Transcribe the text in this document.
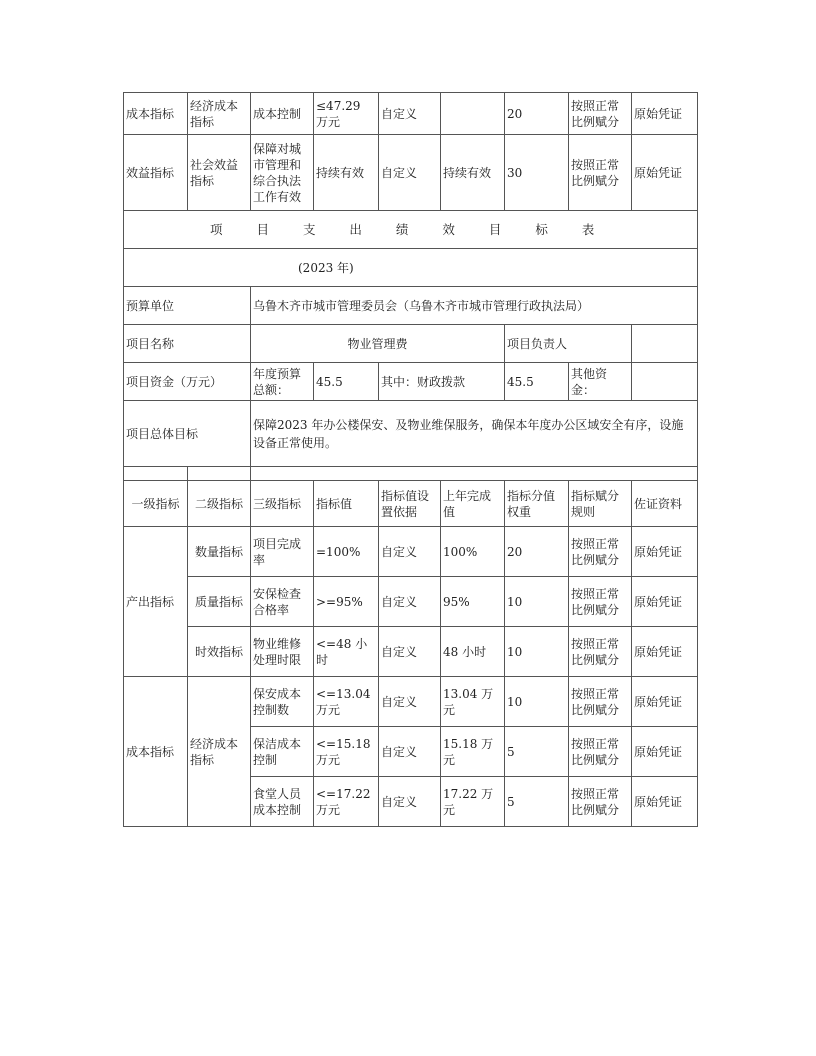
成本指标	经济成本指标	成本控制	≤47.29 万元	自定义		20	按照正常比例赋分	原始凭证
效益指标	社会效益指标	保障对城市管理和综合执法工作有效	持续有效	自定义	持续有效	30	按照正常比例赋分	原始凭证
项 目 支 出 绩 效 目 标 表								
(2023 年)								
预算单位		乌鲁木齐市城市管理委员会（乌鲁木齐市城市管理行政执法局）						
项目名称		物业管理费				项目负责人		
项目资金（万元）		年度预算总额：	45.5	其中：财政拨款		45.5	其他资金：	
项目总体目标		保障2023 年办公楼保安、及物业维保服务，确保本年度办公区域安全有序，设施设备正常使用。						

一级指标	二级指标	三级指标	指标值	指标值设置依据	上年完成值	指标分值权重	指标赋分规则	佐证资料
产出指标	数量指标	项目完成率	=100%	自定义	100%	20	按照正常比例赋分	原始凭证
	质量指标	安保检查合格率	>=95%	自定义	95%	10	按照正常比例赋分	原始凭证
	时效指标	物业维修处理时限	<=48 小时	自定义	48 小时	10	按照正常比例赋分	原始凭证
成本指标	经济成本指标	保安成本控制数	<=13.04 万元	自定义	13.04 万元	10	按照正常比例赋分	原始凭证
		保洁成本控制	<=15.18 万元	自定义	15.18 万元	5	按照正常比例赋分	原始凭证
		食堂人员成本控制	<=17.22 万元	自定义	17.22 万元	5	按照正常比例赋分	原始凭证
